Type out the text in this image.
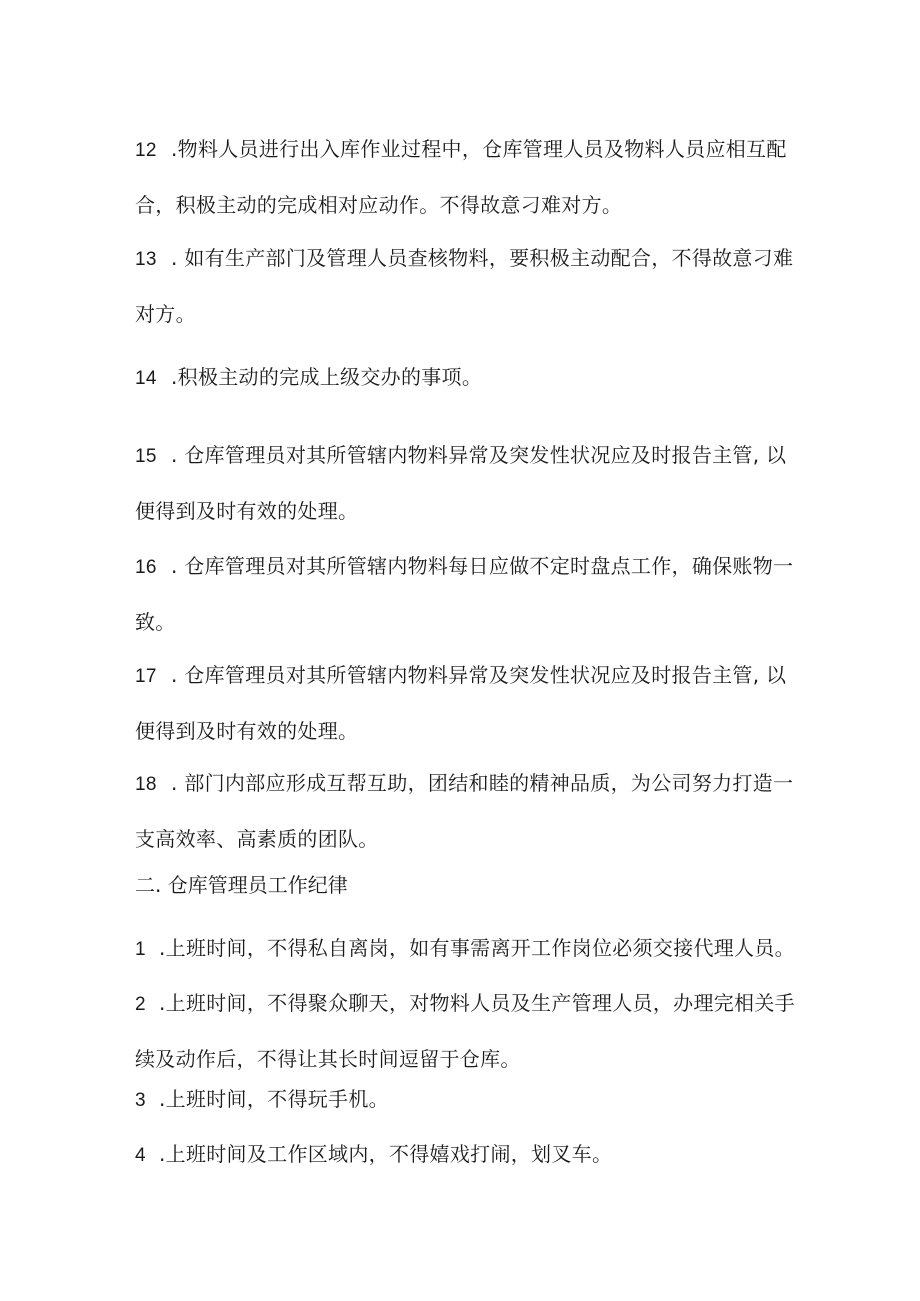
12 .物料人员进行出入库作业过程中，仓库管理人员及物料人员应相互配合，积极主动的完成相对应动作。不得故意刁难对方。

13 . 如有生产部门及管理人员查核物料，要积极主动配合，不得故意刁难对方。

14 .积极主动的完成上级交办的事项。

15 . 仓库管理员对其所管辖内物料异常及突发性状况应及时报告主管, 以便得到及时有效的处理。

16 . 仓库管理员对其所管辖内物料每日应做不定时盘点工作，确保账物一致。

17 . 仓库管理员对其所管辖内物料异常及突发性状况应及时报告主管, 以便得到及时有效的处理。

18 . 部门内部应形成互帮互助，团结和睦的精神品质，为公司努力打造一支高效率、高素质的团队。

二. 仓库管理员工作纪律

1 .上班时间，不得私自离岗，如有事需离开工作岗位必须交接代理人员。

2 .上班时间，不得聚众聊天，对物料人员及生产管理人员，办理完相关手续及动作后，不得让其长时间逗留于仓库。

3 .上班时间，不得玩手机。

4 .上班时间及工作区域内，不得嬉戏打闹，划叉车。
